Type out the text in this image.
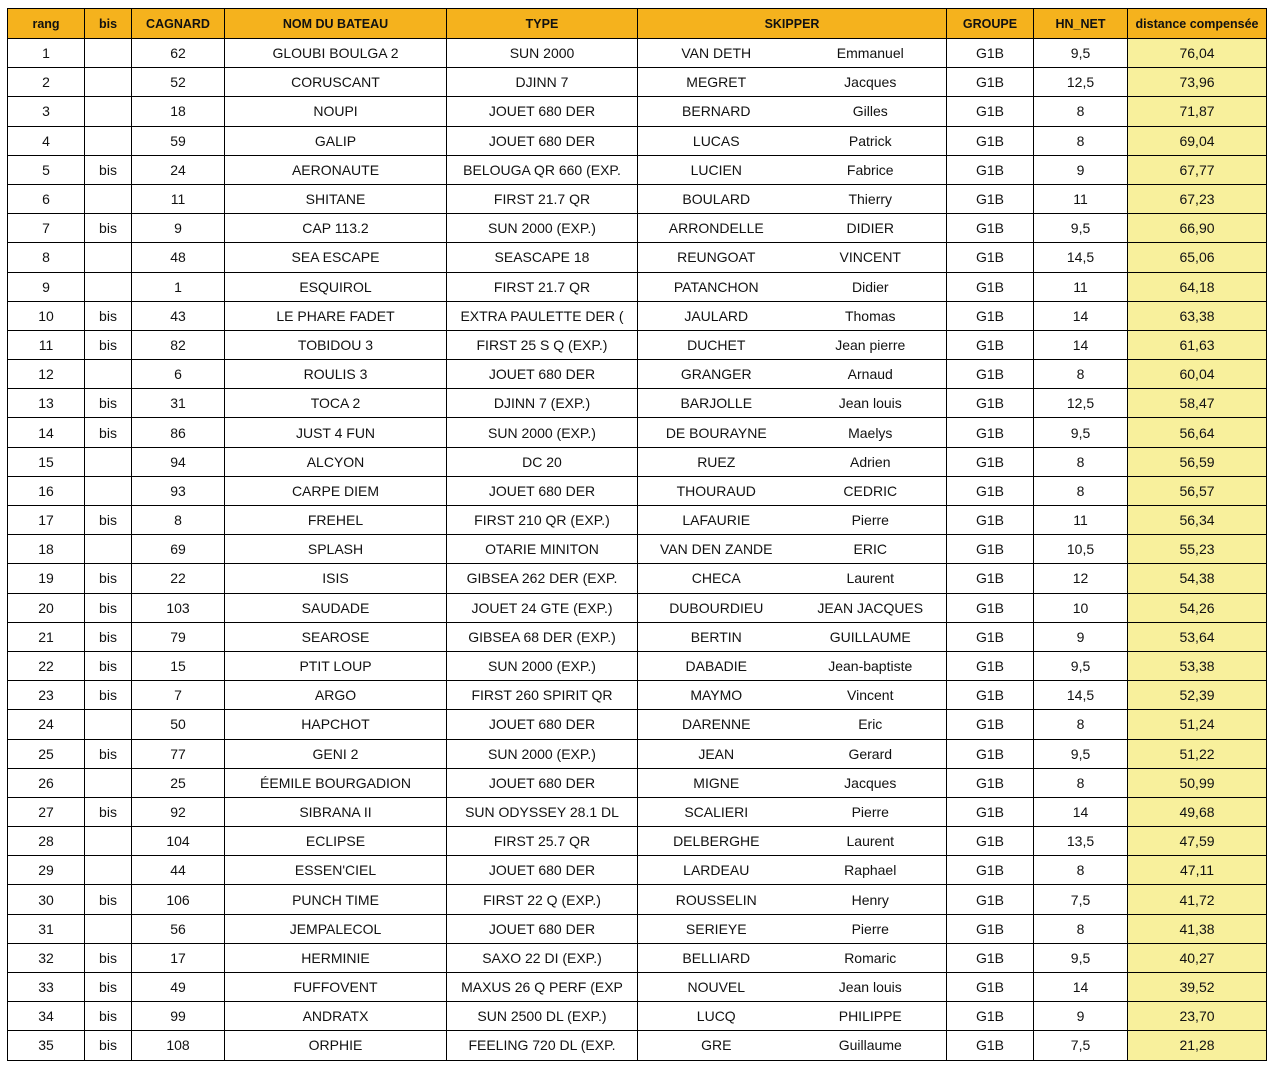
rang	bis	CAGNARD	NOM DU BATEAU	TYPE	SKIPPER		GROUPE	HN_NET	distance compensée
1		62	GLOUBI BOULGA 2	SUN 2000	VAN DETH	Emmanuel	G1B	9,5	76,04
2		52	CORUSCANT	DJINN 7	MEGRET	Jacques	G1B	12,5	73,96
3		18	NOUPI	JOUET 680 DER	BERNARD	Gilles	G1B	8	71,87
4		59	GALIP	JOUET 680 DER	LUCAS	Patrick	G1B	8	69,04
5	bis	24	AERONAUTE	BELOUGA QR 660 (EXP.	LUCIEN	Fabrice	G1B	9	67,77
6		11	SHITANE	FIRST 21.7 QR	BOULARD	Thierry	G1B	11	67,23
7	bis	9	CAP 113.2	SUN 2000 (EXP.)	ARRONDELLE	DIDIER	G1B	9,5	66,90
8		48	SEA ESCAPE	SEASCAPE 18	REUNGOAT	VINCENT	G1B	14,5	65,06
9		1	ESQUIROL	FIRST 21.7 QR	PATANCHON	Didier	G1B	11	64,18
10	bis	43	LE PHARE FADET	EXTRA PAULETTE DER (	JAULARD	Thomas	G1B	14	63,38
11	bis	82	TOBIDOU 3	FIRST 25 S Q (EXP.)	DUCHET	Jean pierre	G1B	14	61,63
12		6	ROULIS 3	JOUET 680 DER	GRANGER	Arnaud	G1B	8	60,04
13	bis	31	TOCA 2	DJINN 7 (EXP.)	BARJOLLE	Jean louis	G1B	12,5	58,47
14	bis	86	JUST 4 FUN	SUN 2000 (EXP.)	DE BOURAYNE	Maelys	G1B	9,5	56,64
15		94	ALCYON	DC 20	RUEZ	Adrien	G1B	8	56,59
16		93	CARPE DIEM	JOUET 680 DER	THOURAUD	CEDRIC	G1B	8	56,57
17	bis	8	FREHEL	FIRST 210 QR (EXP.)	LAFAURIE	Pierre	G1B	11	56,34
18		69	SPLASH	OTARIE MINITON	VAN DEN ZANDE	ERIC	G1B	10,5	55,23
19	bis	22	ISIS	GIBSEA 262 DER (EXP.	CHECA	Laurent	G1B	12	54,38
20	bis	103	SAUDADE	JOUET 24 GTE (EXP.)	DUBOURDIEU	JEAN JACQUES	G1B	10	54,26
21	bis	79	SEAROSE	GIBSEA 68 DER (EXP.)	BERTIN	GUILLAUME	G1B	9	53,64
22	bis	15	PTIT LOUP	SUN 2000 (EXP.)	DABADIE	Jean-baptiste	G1B	9,5	53,38
23	bis	7	ARGO	FIRST 260 SPIRIT QR	MAYMO	Vincent	G1B	14,5	52,39
24		50	HAPCHOT	JOUET 680 DER	DARENNE	Eric	G1B	8	51,24
25	bis	77	GENI 2	SUN 2000 (EXP.)	JEAN	Gerard	G1B	9,5	51,22
26		25	ÉEMILE BOURGADION	JOUET 680 DER	MIGNE	Jacques	G1B	8	50,99
27	bis	92	SIBRANA II	SUN ODYSSEY 28.1 DL	SCALIERI	Pierre	G1B	14	49,68
28		104	ECLIPSE	FIRST 25.7 QR	DELBERGHE	Laurent	G1B	13,5	47,59
29		44	ESSEN'CIEL	JOUET 680 DER	LARDEAU	Raphael	G1B	8	47,11
30	bis	106	PUNCH TIME	FIRST 22 Q (EXP.)	ROUSSELIN	Henry	G1B	7,5	41,72
31		56	JEMPALECOL	JOUET 680 DER	SERIEYE	Pierre	G1B	8	41,38
32	bis	17	HERMINIE	SAXO 22 DI (EXP.)	BELLIARD	Romaric	G1B	9,5	40,27
33	bis	49	FUFFOVENT	MAXUS 26 Q PERF (EXP	NOUVEL	Jean louis	G1B	14	39,52
34	bis	99	ANDRATX	SUN 2500 DL (EXP.)	LUCQ	PHILIPPE	G1B	9	23,70
35	bis	108	ORPHIE	FEELING 720 DL (EXP.	GRE	Guillaume	G1B	7,5	21,28
